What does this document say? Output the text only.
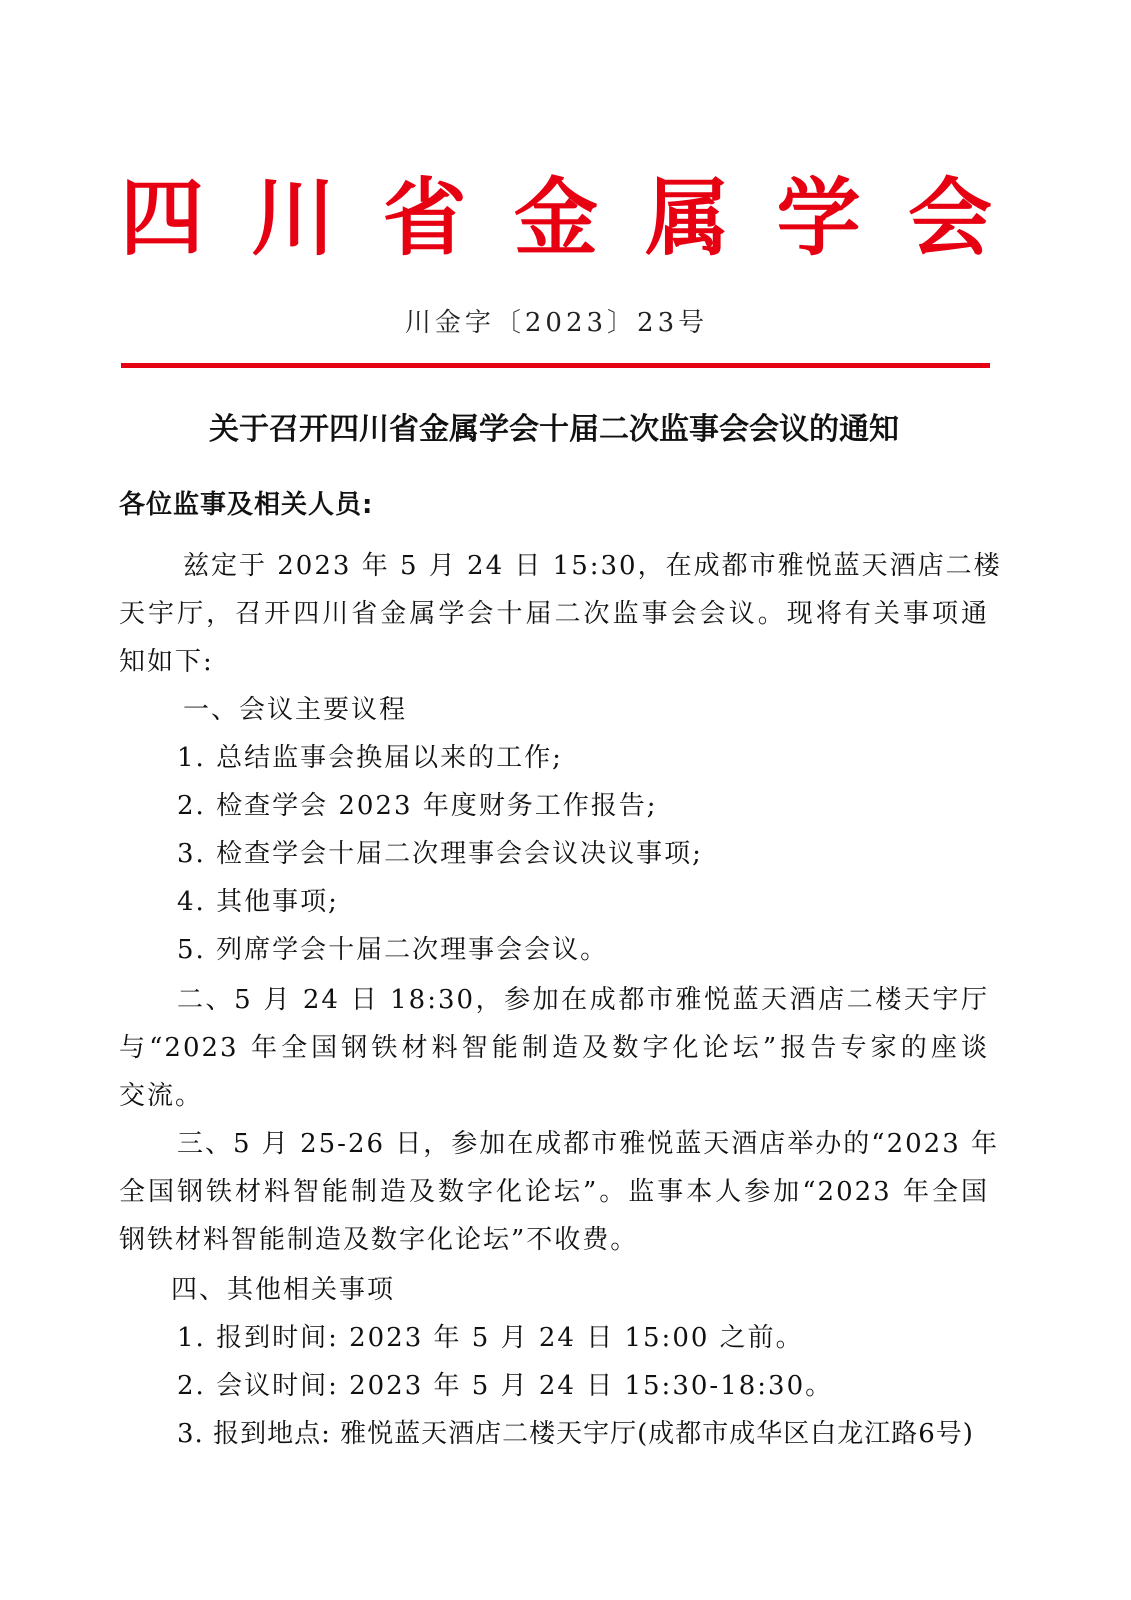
四 川 省 金 属 学 会
川金字〔2023〕23号
关于召开四川省金属学会十届二次监事会会议的通知
各位监事及相关人员:
兹定于 2023 年 5 月 24 日 15:30，在成都市雅悦蓝天酒店二楼
天宇厅，召开四川省金属学会十届二次监事会会议。现将有关事项通
知如下:
一、会议主要议程
1. 总结监事会换届以来的工作;
2. 检查学会 2023 年度财务工作报告;
3. 检查学会十届二次理事会会议决议事项;
4. 其他事项;
5. 列席学会十届二次理事会会议。
二、5 月 24 日 18:30，参加在成都市雅悦蓝天酒店二楼天宇厅
与“2023 年全国钢铁材料智能制造及数字化论坛”报告专家的座谈
交流。
三、5 月 25-26 日，参加在成都市雅悦蓝天酒店举办的“2023 年
全国钢铁材料智能制造及数字化论坛”。监事本人参加“2023 年全国
钢铁材料智能制造及数字化论坛”不收费。
四、其他相关事项
1. 报到时间: 2023 年 5 月 24 日 15:00 之前。
2. 会议时间: 2023 年 5 月 24 日 15:30-18:30。
3. 报到地点: 雅悦蓝天酒店二楼天宇厅(成都市成华区白龙江路6号)
